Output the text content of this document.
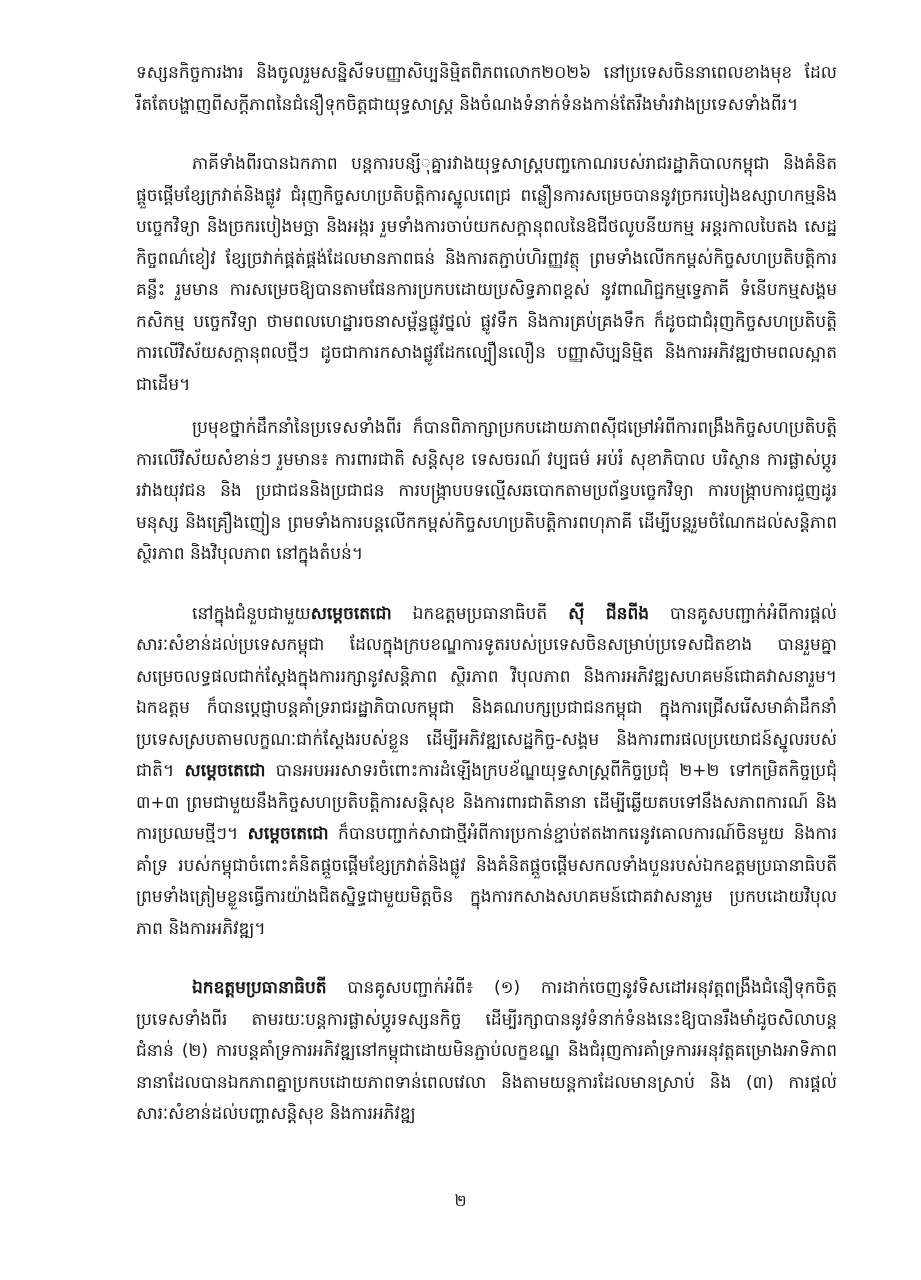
ទស្សនកិច្ចការងារ និងចូលរួមសន្និសីទបញ្ញាសិប្បនិម្មិតពិភពលោក២០២៦ នៅប្រទេសចិននាពេលខាងមុខ ដែលរឹតតែបង្ហាញពីសក្តីភាពនៃជំនឿទុកចិត្តជាយុទ្ធសាស្ត្រ និងចំណងទំនាក់ទំនងកាន់តែរឹងមាំរវាងប្រទេសទាំងពីរ។

ភាគីទាំងពីរបានឯកភាព បន្តការបន្សីុគ្នារវាងយុទ្ធសាស្ត្របញ្ចកោណរបស់រាជរដ្ឋាភិបាលកម្ពុជា និងគំនិតផ្តួចផ្តើមខ្សែក្រវាត់និងផ្លូវ ជំរុញកិច្ចសហប្រតិបត្តិការស្នូលពេជ្រ ពន្លឿនការសម្រេចបាននូវច្រករបៀងឧស្សាហកម្មនិងបច្ចេកវិទ្យា និងច្រករបៀងមច្ឆា និងអង្ករ រួមទាំងការចាប់យកសក្តានុពលនៃឱជីថលូបនីយកម្ម អន្តរកាលបៃតង សេដ្ឋកិច្ចពណ៌ខៀវ ខ្សែច្រវាក់ផ្គត់ផ្គង់ដែលមានភាពធន់ និងការតភ្ជាប់ហិរញ្ញវត្ថុ ព្រមទាំងលើកកម្ពស់កិច្ចសហប្រតិបត្តិការគន្លឹះ រួមមាន ការសម្រេចឱ្យបានតាមផែនការប្រកបដោយប្រសិទ្ធភាពខ្ពស់ នូវពាណិជ្ជកម្មទ្វេភាគី ទំនើបកម្មសង្គម កសិកម្ម បច្ចេកវិទ្យា ថាមពលហេដ្ឋារចនាសម្ព័ន្ធផ្លូវថ្នល់ ផ្លូវទឹក និងការគ្រប់គ្រងទឹក ក៏ដូចជាជំរុញកិច្ចសហប្រតិបត្តិការលើវិស័យសក្តានុពលថ្មីៗ ដូចជាការកសាងផ្លូវដែកល្បឿនលឿន បញ្ញាសិប្បនិម្មិត និងការអភិវឌ្ឍថាមពលស្អាតជាដើម។

ប្រមុខថ្នាក់ដឹកនាំនៃប្រទេសទាំងពីរ ក៏បានពិភាក្សាប្រកបដោយភាពស៊ីជម្រៅអំពីការពង្រឹងកិច្ចសហប្រតិបត្តិការលើវិស័យសំខាន់ៗ រួមមាន៖ ការពារជាតិ សន្តិសុខ ទេសចរណ៍ វប្បធម៌ អប់រំ សុខាភិបាល បរិស្ថាន ការផ្លាស់ប្តូររវាងយុវជន និង ប្រជាជននិងប្រជាជន ការបង្ក្រាបបទល្មើសឆបោកតាមប្រព័ន្ធបច្ចេកវិទ្យា ការបង្ក្រាបការជួញដូរមនុស្ស និងគ្រឿងញៀន ព្រមទាំងការបន្តលើកកម្ពស់កិច្ចសហប្រតិបត្តិការពហុភាគី ដើម្បីបន្តរួមចំណែកដល់សន្តិភាព ស្ថិរភាព និងវិបុលភាព នៅក្នុងតំបន់។

នៅក្នុងជំនួបជាមួយសម្តេចតេជោ ឯកឧត្តមប្រធានាធិបតី ស៊ី ជីនពីង បានគូសបញ្ជាក់អំពីការផ្តល់សារៈសំខាន់ដល់ប្រទេសកម្ពុជា ដែលក្នុងក្របខណ្ឌការទូតរបស់ប្រទេសចិនសម្រាប់ប្រទេសជិតខាង បានរួមគ្នាសម្រេចលទ្ធផលជាក់ស្តែងក្នុងការរក្សានូវសន្តិភាព ស្ថិរភាព វិបុលភាព និងការអភិវឌ្ឍសហគមន៍ជោគវាសនារួម។ ឯកឧត្តម ក៏បានប្តេជ្ញាបន្តគាំទ្ររាជរដ្ឋាភិបាលកម្ពុជា និងគណបក្សប្រជាជនកម្ពុជា ក្នុងការជ្រើសរើសមាគ៌ាដឹកនាំប្រទេសស្របតាមលក្ខណៈជាក់ស្តែងរបស់ខ្លួន ដើម្បីអភិវឌ្ឍសេដ្ឋកិច្ច-សង្គម និងការពារផលប្រយោជន៍ស្នូលរបស់ជាតិ។ សម្តេចតេជោ បានអបអរសាទរចំពោះការដំឡើងក្របខ័ណ្ឌយុទ្ធសាស្ត្រពីកិច្ចប្រជុំ ២+២ ទៅកម្រិតកិច្ចប្រជុំ ៣+៣ ព្រមជាមួយនឹងកិច្ចសហប្រតិបត្តិការសន្តិសុខ និងការពារជាតិនានា ដើម្បីឆ្លើយតបទៅនឹងសភាពការណ៍ និងការប្រឈមថ្មីៗ។ សម្តេចតេជោ ក៏បានបញ្ជាក់សាជាថ្មីអំពីការប្រកាន់ខ្ជាប់ឥតងាករេនូវគោលការណ៍ចិនមួយ និងការគាំទ្រ របស់កម្ពុជាចំពោះគំនិតផ្តួចផ្តើមខ្សែក្រវាត់និងផ្លូវ និងគំនិតផ្តួចផ្តើមសកលទាំងបួនរបស់ឯកឧត្តមប្រធានាធិបតី ព្រមទាំងត្រៀមខ្លួនធ្វើការយ៉ាងជិតស្និទ្ធជាមួយមិត្តចិន ក្នុងការកសាងសហគមន៍ជោគវាសនារួម ប្រកបដោយវិបុលភាព និងការអភិវឌ្ឍ។

ឯកឧត្តមប្រធានាធិបតី បានគូសបញ្ជាក់អំពី៖ (១) ការដាក់ចេញនូវទិសដៅអនុវត្តពង្រឹងជំនឿទុកចិត្តប្រទេសទាំងពីរ តាមរយៈបន្តការផ្លាស់ប្តូរទស្សនកិច្ច ដើម្បីរក្សាបាននូវទំនាក់ទំនងនេះឱ្យបានរឹងមាំដូចសិលាបន្តជំនាន់ (២) ការបន្តគាំទ្រការអភិវឌ្ឍនៅកម្ពុជាដោយមិនភ្ជាប់លក្ខខណ្ឌ និងជំរុញការគាំទ្រការអនុវត្តគម្រោងអាទិភាពនានាដែលបានឯកភាពគ្នាប្រកបដោយភាពទាន់ពេលវេលា និងតាមយន្តការដែលមានស្រាប់ និង (៣) ការផ្តល់សារៈសំខាន់ដល់បញ្ហាសន្តិសុខ និងការអភិវឌ្ឍ

២
